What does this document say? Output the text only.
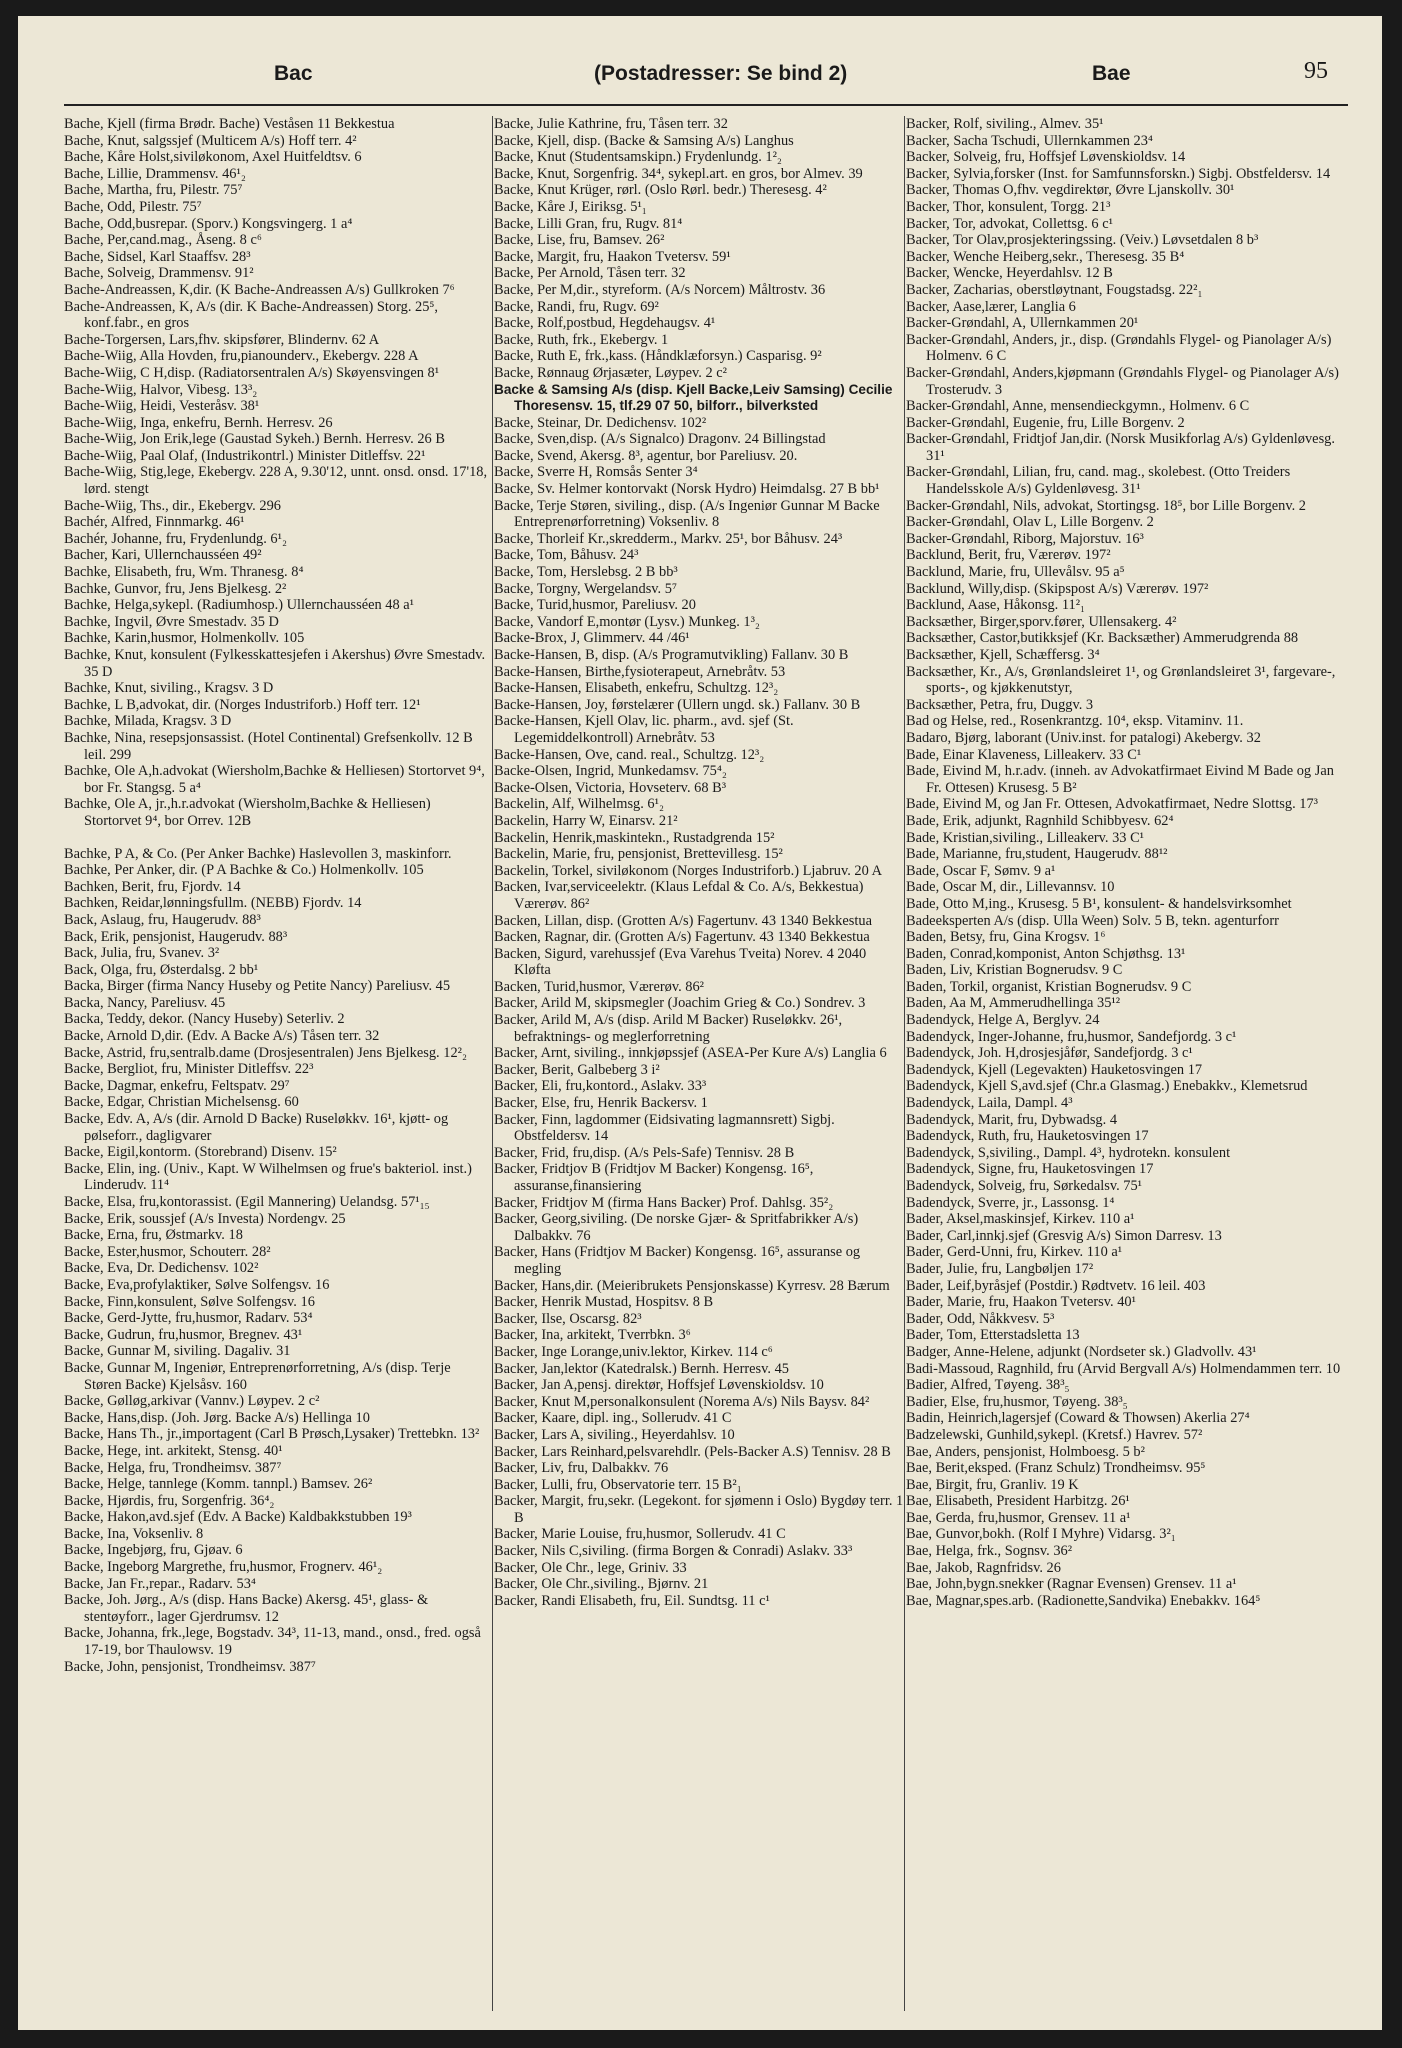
Bac	(Postadresser: Se bind 2)	Bae	95
Bache, Kjell (firma Brødr. Bache) Veståsen 11 Bekkestua
Bache, Knut, salgssjef (Multicem A/s) Hoff terr. 4²
Bache, Kåre Holst,siviløkonom, Axel Huitfeldtsv. 6
Bache, Lillie, Drammensv. 46¹₂
Bache, Martha, fru, Pilestr. 75⁷
Bache, Odd, Pilestr. 75⁷
Bache, Odd,busrepar. (Sporv.) Kongsvingerg. 1 a⁴
Bache, Per,cand.mag., Åseng. 8 c⁶
Bache, Sidsel, Karl Staaffsv. 28³
Bache, Solveig, Drammensv. 91²
Bache-Andreassen, K,dir. (K Bache-Andreassen A/s) Gullkroken 7⁶
Bache-Andreassen, K, A/s (dir. K Bache-Andreassen) Storg. 25⁵, konf.fabr., en gros
Bache-Torgersen, Lars,fhv. skipsfører, Blindernv. 62 A
Bache-Wiig, Alla Hovden, fru,pianounderv., Ekebergv. 228 A
Bache-Wiig, C H,disp. (Radiatorsentralen A/s) Skøyensvingen 8¹
Bache-Wiig, Halvor, Vibesg. 13³₂
Bache-Wiig, Heidi, Vesteråsv. 38¹
Bache-Wiig, Inga, enkefru, Bernh. Herresv. 26
Bache-Wiig, Jon Erik,lege (Gaustad Sykeh.) Bernh. Herresv. 26 B
Bache-Wiig, Paal Olaf, (Industrikontrl.) Minister Ditleffsv. 22¹
Bache-Wiig, Stig,lege, Ekebergv. 228 A, 9.30'12, unnt. onsd. onsd. 17'18, lørd. stengt
Bache-Wiig, Ths., dir., Ekebergv. 296
Bachér, Alfred, Finnmarkg. 46¹
Bachér, Johanne, fru, Frydenlundg. 6¹₂
Bacher, Kari, Ullernchausséen 49²
Bachke, Elisabeth, fru, Wm. Thranesg. 8⁴
Bachke, Gunvor, fru, Jens Bjelkesg. 2²
Bachke, Helga,sykepl. (Radiumhosp.) Ullernchausséen 48 a¹
Bachke, Ingvil, Øvre Smestadv. 35 D
Bachke, Karin,husmor, Holmenkollv. 105
Bachke, Knut, konsulent (Fylkesskattesjefen i Akershus) Øvre Smestadv. 35 D
Bachke, Knut, siviling., Kragsv. 3 D
Bachke, L B,advokat, dir. (Norges Industriforb.) Hoff terr. 12¹
Bachke, Milada, Kragsv. 3 D
Bachke, Nina, resepsjonsassist. (Hotel Continental) Grefsenkollv. 12 B leil. 299
Bachke, Ole A,h.advokat (Wiersholm,Bachke & Helliesen) Stortorvet 9⁴, bor Fr. Stangsg. 5 a⁴
Bachke, Ole A, jr.,h.r.advokat (Wiersholm,Bachke & Helliesen) Stortorvet 9⁴, bor Orrev. 12B
Bachke, P A, & Co. (Per Anker Bachke) Haslevollen 3, maskinforr.
Bachke, Per Anker, dir. (P A Bachke & Co.) Holmenkollv. 105
Bachken, Berit, fru, Fjordv. 14
Bachken, Reidar,lønningsfullm. (NEBB) Fjordv. 14
Back, Aslaug, fru, Haugerudv. 88³
Back, Erik, pensjonist, Haugerudv. 88³
Back, Julia, fru, Svanev. 3²
Back, Olga, fru, Østerdalsg. 2 bb¹
Backa, Birger (firma Nancy Huseby og Petite Nancy) Pareliusv. 45
Backa, Nancy, Pareliusv. 45
Backa, Teddy, dekor. (Nancy Huseby) Seterliv. 2
Backe, Arnold D,dir. (Edv. A Backe A/s) Tåsen terr. 32
Backe, Astrid, fru,sentralb.dame (Drosjesentralen) Jens Bjelkesg. 12²₂
Backe, Bergliot, fru, Minister Ditleffsv. 22³
Backe, Dagmar, enkefru, Feltspatv. 29⁷
Backe, Edgar, Christian Michelsensg. 60
Backe, Edv. A, A/s (dir. Arnold D Backe) Ruseløkkv. 16¹, kjøtt- og pølseforr., dagligvarer
Backe, Eigil,kontorm. (Storebrand) Disenv. 15²
Backe, Elin, ing. (Univ., Kapt. W Wilhelmsen og frue's bakteriol. inst.) Linderudv. 11⁴
Backe, Elsa, fru,kontorassist. (Egil Mannering) Uelandsg. 57¹₁₅
Backe, Erik, soussjef (A/s Investa) Nordengv. 25
Backe, Erna, fru, Østmarkv. 18
Backe, Ester,husmor, Schouterr. 28²
Backe, Eva, Dr. Dedichensv. 102²
Backe, Eva,profylaktiker, Sølve Solfengsv. 16
Backe, Finn,konsulent, Sølve Solfengsv. 16
Backe, Gerd-Jytte, fru,husmor, Radarv. 53⁴
Backe, Gudrun, fru,husmor, Bregnev. 43¹
Backe, Gunnar M, siviling. Dagaliv. 31
Backe, Gunnar M, Ingeniør, Entreprenørforretning, A/s (disp. Terje Støren Backe) Kjelsåsv. 160
Backe, Gølløg,arkivar (Vannv.) Løypev. 2 c²
Backe, Hans,disp. (Joh. Jørg. Backe A/s) Hellinga 10
Backe, Hans Th., jr.,importagent (Carl B Prøsch,Lysaker) Trettebkn. 13²
Backe, Hege, int. arkitekt, Stensg. 40¹
Backe, Helga, fru, Trondheimsv. 387⁷
Backe, Helge, tannlege (Komm. tannpl.) Bamsev. 26²
Backe, Hjørdis, fru, Sorgenfrig. 36⁴₂
Backe, Hakon,avd.sjef (Edv. A Backe) Kaldbakkstubben 19³
Backe, Ina, Voksenliv. 8
Backe, Ingebjørg, fru, Gjøav. 6
Backe, Ingeborg Margrethe, fru,husmor, Frognerv. 46¹₂
Backe, Jan Fr.,repar., Radarv. 53⁴
Backe, Joh. Jørg., A/s (disp. Hans Backe) Akersg. 45¹, glass- & stentøyforr., lager Gjerdrumsv. 12
Backe, Johanna, frk.,lege, Bogstadv. 34³, 11-13, mand., onsd., fred. også 17-19, bor Thaulowsv. 19
Backe, John, pensjonist, Trondheimsv. 387⁷
Backe, Julie Kathrine, fru, Tåsen terr. 32
Backe, Kjell, disp. (Backe & Samsing A/s) Langhus
Backe, Knut (Studentsamskipn.) Frydenlundg. 1²₂
Backe, Knut, Sorgenfrig. 34⁴, sykepl.art. en gros, bor Almev. 39
Backe, Knut Krüger, rørl. (Oslo Rørl. bedr.) Theresesg. 4²
Backe, Kåre J, Eiriksg. 5¹₁
Backe, Lilli Gran, fru, Rugv. 81⁴
Backe, Lise, fru, Bamsev. 26²
Backe, Margit, fru, Haakon Tvetersv. 59¹
Backe, Per Arnold, Tåsen terr. 32
Backe, Per M,dir., styreform. (A/s Norcem) Måltrostv. 36
Backe, Randi, fru, Rugv. 69²
Backe, Rolf,postbud, Hegdehaugsv. 4¹
Backe, Ruth, frk., Ekebergv. 1
Backe, Ruth E, frk.,kass. (Håndklæforsyn.) Casparisg. 9²
Backe, Rønnaug Ørjasæter, Løypev. 2 c²
Backe & Samsing A/s (disp. Kjell Backe,Leiv Samsing) Cecilie Thoresensv. 15, tlf.29 07 50, bilforr., bilverksted
Backe, Steinar, Dr. Dedichensv. 102²
Backe, Sven,disp. (A/s Signalco) Dragonv. 24 Billingstad
Backe, Svend, Akersg. 8³, agentur, bor Pareliusv. 20.
Backe, Sverre H, Romsås Senter 3⁴
Backe, Sv. Helmer kontorvakt (Norsk Hydro) Heimdalsg. 27 B bb¹
Backe, Terje Støren, siviling., disp. (A/s Ingeniør Gunnar M Backe Entreprenørforretning) Voksenliv. 8
Backe, Thorleif Kr.,skredderm., Markv. 25¹, bor Båhusv. 24³
Backe, Tom, Båhusv. 24³
Backe, Tom, Herslebsg. 2 B bb³
Backe, Torgny, Wergelandsv. 5⁷
Backe, Turid,husmor, Pareliusv. 20
Backe, Vandorf E,montør (Lysv.) Munkeg. 1³₂
Backe-Brox, J, Glimmerv. 44 /46¹
Backe-Hansen, B, disp. (A/s Programutvikling) Fallanv. 30 B
Backe-Hansen, Birthe,fysioterapeut, Arnebråtv. 53
Backe-Hansen, Elisabeth, enkefru, Schultzg. 12³₂
Backe-Hansen, Joy, førstelærer (Ullern ungd. sk.) Fallanv. 30 B
Backe-Hansen, Kjell Olav, lic. pharm., avd. sjef (St. Legemiddelkontroll) Arnebråtv. 53
Backe-Hansen, Ove, cand. real., Schultzg. 12³₂
Backe-Olsen, Ingrid, Munkedamsv. 75⁴₂
Backe-Olsen, Victoria, Hovseterv. 68 B³
Backelin, Alf, Wilhelmsg. 6¹₂
Backelin, Harry W, Einarsv. 21²
Backelin, Henrik,maskintekn., Rustadgrenda 15²
Backelin, Marie, fru, pensjonist, Brettevillesg. 15²
Backelin, Torkel, siviløkonom (Norges Industriforb.) Ljabruv. 20 A
Backen, Ivar,serviceelektr. (Klaus Lefdal & Co. A/s, Bekkestua) Værerøv. 86²
Backen, Lillan, disp. (Grotten A/s) Fagertunv. 43 1340 Bekkestua
Backen, Ragnar, dir. (Grotten A/s) Fagertunv. 43 1340 Bekkestua
Backen, Sigurd, varehussjef (Eva Varehus Tveita) Norev. 4 2040 Kløfta
Backen, Turid,husmor, Værerøv. 86²
Backer, Arild M, skipsmegler (Joachim Grieg & Co.) Sondrev. 3
Backer, Arild M, A/s (disp. Arild M Backer) Ruseløkkv. 26¹, befraktnings- og meglerforretning
Backer, Arnt, siviling., innkjøpssjef (ASEA-Per Kure A/s) Langlia 6
Backer, Berit, Galbeberg 3 i²
Backer, Eli, fru,kontord., Aslakv. 33³
Backer, Else, fru, Henrik Backersv. 1
Backer, Finn, lagdommer (Eidsivating lagmannsrett) Sigbj. Obstfeldersv. 14
Backer, Frid, fru,disp. (A/s Pels-Safe) Tennisv. 28 B
Backer, Fridtjov B (Fridtjov M Backer) Kongensg. 16⁵, assuranse,finansiering
Backer, Fridtjov M (firma Hans Backer) Prof. Dahlsg. 35²₂
Backer, Georg,siviling. (De norske Gjær- & Spritfabrikker A/s) Dalbakkv. 76
Backer, Hans (Fridtjov M Backer) Kongensg. 16⁵, assuranse og megling
Backer, Hans,dir. (Meieribrukets Pensjonskasse) Kyrresv. 28 Bærum
Backer, Henrik Mustad, Hospitsv. 8 B
Backer, Ilse, Oscarsg. 82³
Backer, Ina, arkitekt, Tverrbkn. 3⁶
Backer, Inge Lorange,univ.lektor, Kirkev. 114 c⁶
Backer, Jan,lektor (Katedralsk.) Bernh. Herresv. 45
Backer, Jan A,pensj. direktør, Hoffsjef Løvenskioldsv. 10
Backer, Knut M,personalkonsulent (Norema A/s) Nils Baysv. 84²
Backer, Kaare, dipl. ing., Sollerudv. 41 C
Backer, Lars A, siviling., Heyerdahlsv. 10
Backer, Lars Reinhard,pelsvarehdlr. (Pels-Backer A.S) Tennisv. 28 B
Backer, Liv, fru, Dalbakkv. 76
Backer, Lulli, fru, Observatorie terr. 15 B²₁
Backer, Margit, fru,sekr. (Legekont. for sjømenn i Oslo) Bygdøy terr. 1 B
Backer, Marie Louise, fru,husmor, Sollerudv. 41 C
Backer, Nils C,siviling. (firma Borgen & Conradi) Aslakv. 33³
Backer, Ole Chr., lege, Griniv. 33
Backer, Ole Chr.,siviling., Bjørnv. 21
Backer, Randi Elisabeth, fru, Eil. Sundtsg. 11 c¹
Backer, Rolf, siviling., Almev. 35¹
Backer, Sacha Tschudi, Ullernkammen 23⁴
Backer, Solveig, fru, Hoffsjef Løvenskioldsv. 14
Backer, Sylvia,forsker (Inst. for Samfunnsforskn.) Sigbj. Obstfeldersv. 14
Backer, Thomas O,fhv. vegdirektør, Øvre Ljanskollv. 30¹
Backer, Thor, konsulent, Torgg. 21³
Backer, Tor, advokat, Collettsg. 6 c¹
Backer, Tor Olav,prosjekteringssing. (Veiv.) Løvsetdalen 8 b³
Backer, Wenche Heiberg,sekr., Theresesg. 35 B⁴
Backer, Wencke, Heyerdahlsv. 12 B
Backer, Zacharias, oberstløytnant, Fougstadsg. 22²₁
Backer, Aase,lærer, Langlia 6
Backer-Grøndahl, A, Ullernkammen 20¹
Backer-Grøndahl, Anders, jr., disp. (Grøndahls Flygel- og Pianolager A/s) Holmenv. 6 C
Backer-Grøndahl, Anders,kjøpmann (Grøndahls Flygel- og Pianolager A/s) Trosterudv. 3
Backer-Grøndahl, Anne, mensendieckgymn., Holmenv. 6 C
Backer-Grøndahl, Eugenie, fru, Lille Borgenv. 2
Backer-Grøndahl, Fridtjof Jan,dir. (Norsk Musikforlag A/s) Gyldenløvesg. 31¹
Backer-Grøndahl, Lilian, fru, cand. mag., skolebest. (Otto Treiders Handelsskole A/s) Gyldenløvesg. 31¹
Backer-Grøndahl, Nils, advokat, Stortingsg. 18⁵, bor Lille Borgenv. 2
Backer-Grøndahl, Olav L, Lille Borgenv. 2
Backer-Grøndahl, Riborg, Majorstuv. 16³
Backlund, Berit, fru, Værerøv. 197²
Backlund, Marie, fru, Ullevålsv. 95 a⁵
Backlund, Willy,disp. (Skipspost A/s) Værerøv. 197²
Backlund, Aase, Håkonsg. 11²₁
Backsæther, Birger,sporv.fører, Ullensakerg. 4²
Backsæther, Castor,butikksjef (Kr. Backsæther) Ammerudgrenda 88
Backsæther, Kjell, Schæffersg. 3⁴
Backsæther, Kr., A/s, Grønlandsleiret 1¹, og Grønlandsleiret 3¹, fargevare-, sports-, og kjøkkenutstyr,
Backsæther, Petra, fru, Duggv. 3
Bad og Helse, red., Rosenkrantzg. 10⁴, eksp. Vitaminv. 11.
Badaro, Bjørg, laborant (Univ.inst. for patalogi) Akebergv. 32
Bade, Einar Klaveness, Lilleakerv. 33 C¹
Bade, Eivind M, h.r.adv. (inneh. av Advokatfirmaet Eivind M Bade og Jan Fr. Ottesen) Krusesg. 5 B²
Bade, Eivind M, og Jan Fr. Ottesen, Advokatfirmaet, Nedre Slottsg. 17³
Bade, Erik, adjunkt, Ragnhild Schibbyesv. 62⁴
Bade, Kristian,siviling., Lilleakerv. 33 C¹
Bade, Marianne, fru,student, Haugerudv. 88¹²
Bade, Oscar F, Sømv. 9 a¹
Bade, Oscar M, dir., Lillevannsv. 10
Bade, Otto M,ing., Krusesg. 5 B¹, konsulent- & handelsvirksomhet
Badeeksperten A/s (disp. Ulla Ween) Solv. 5 B, tekn. agenturforr
Baden, Betsy, fru, Gina Krogsv. 1⁶
Baden, Conrad,komponist, Anton Schjøthsg. 13¹
Baden, Liv, Kristian Bognerudsv. 9 C
Baden, Torkil, organist, Kristian Bognerudsv. 9 C
Baden, Aa M, Ammerudhellinga 35¹²
Badendyck, Helge A, Berglyv. 24
Badendyck, Inger-Johanne, fru,husmor, Sandefjordg. 3 c¹
Badendyck, Joh. H,drosjesjåfør, Sandefjordg. 3 c¹
Badendyck, Kjell (Legevakten) Hauketosvingen 17
Badendyck, Kjell S,avd.sjef (Chr.a Glasmag.) Enebakkv., Klemetsrud
Badendyck, Laila, Dampl. 4³
Badendyck, Marit, fru, Dybwadsg. 4
Badendyck, Ruth, fru, Hauketosvingen 17
Badendyck, S,siviling., Dampl. 4³, hydrotekn. konsulent
Badendyck, Signe, fru, Hauketosvingen 17
Badendyck, Solveig, fru, Sørkedalsv. 75¹
Badendyck, Sverre, jr., Lassonsg. 1⁴
Bader, Aksel,maskinsjef, Kirkev. 110 a¹
Bader, Carl,innkj.sjef (Gresvig A/s) Simon Darresv. 13
Bader, Gerd-Unni, fru, Kirkev. 110 a¹
Bader, Julie, fru, Langbøljen 17²
Bader, Leif,byråsjef (Postdir.) Rødtvetv. 16 leil. 403
Bader, Marie, fru, Haakon Tvetersv. 40¹
Bader, Odd, Nåkkvesv. 5³
Bader, Tom, Etterstadsletta 13
Badger, Anne-Helene, adjunkt (Nordseter sk.) Gladvollv. 43¹
Badi-Massoud, Ragnhild, fru (Arvid Bergvall A/s) Holmendammen terr. 10
Badier, Alfred, Tøyeng. 38³₅
Badier, Else, fru,husmor, Tøyeng. 38³₅
Badin, Heinrich,lagersjef (Coward & Thowsen) Akerlia 27⁴
Badzelewski, Gunhild,sykepl. (Kretsf.) Havrev. 57²
Bae, Anders, pensjonist, Holmboesg. 5 b²
Bae, Berit,eksped. (Franz Schulz) Trondheimsv. 95⁵
Bae, Birgit, fru, Granliv. 19 K
Bae, Elisabeth, President Harbitzg. 26¹
Bae, Gerda, fru,husmor, Grensev. 11 a¹
Bae, Gunvor,bokh. (Rolf I Myhre) Vidarsg. 3²₁
Bae, Helga, frk., Sognsv. 36²
Bae, Jakob, Ragnfridsv. 26
Bae, John,bygn.snekker (Ragnar Evensen) Grensev. 11 a¹
Bae, Magnar,spes.arb. (Radionette,Sandvika) Enebakkv. 164⁵
